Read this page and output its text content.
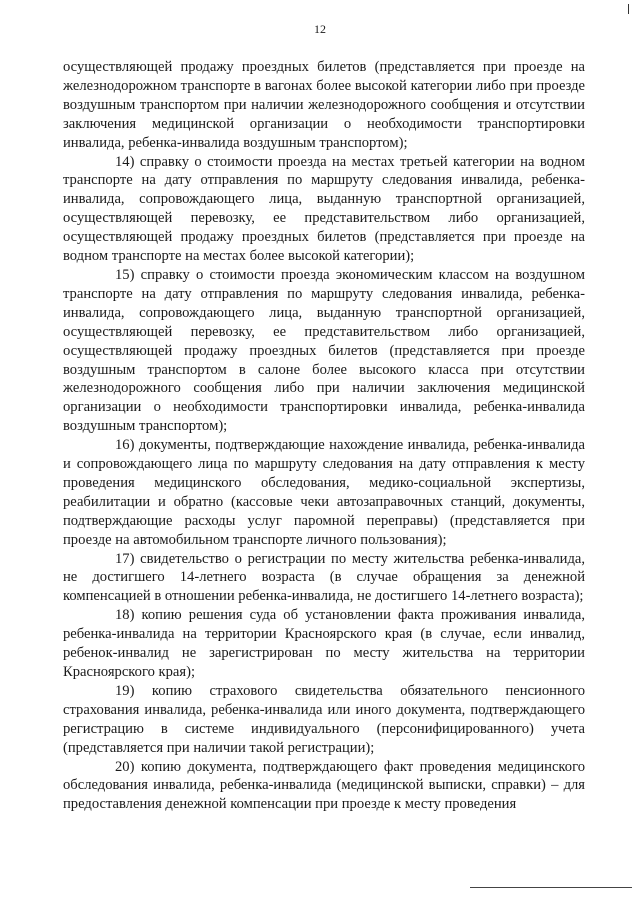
12

осуществляющей продажу проездных билетов (представляется при проезде на железнодорожном транспорте в вагонах более высокой категории либо при проезде воздушным транспортом при наличии железнодорожного сообщения и отсутствии заключения медицинской организации о необходимости транспортировки инвалида, ребенка-инвалида воздушным транспортом);

14) справку о стоимости проезда на местах третьей категории на водном транспорте на дату отправления по маршруту следования инвалида, ребенка-инвалида, сопровождающего лица, выданную транспортной организацией, осуществляющей перевозку, ее представительством либо организацией, осуществляющей продажу проездных билетов (представляется при проезде на водном транспорте на местах более высокой категории);

15) справку о стоимости проезда экономическим классом на воздушном транспорте на дату отправления по маршруту следования инвалида, ребенка-инвалида, сопровождающего лица, выданную транспортной организацией, осуществляющей перевозку, ее представительством либо организацией, осуществляющей продажу проездных билетов (представляется при проезде воздушным транспортом в салоне более высокого класса при отсутствии железнодорожного сообщения либо при наличии заключения медицинской организации о необходимости транспортировки инвалида, ребенка-инвалида воздушным транспортом);

16) документы, подтверждающие нахождение инвалида, ребенка-инвалида и сопровождающего лица по маршруту следования на дату отправления к месту проведения медицинского обследования, медико-социальной экспертизы, реабилитации и обратно (кассовые чеки автозаправочных станций, документы, подтверждающие расходы услуг паромной переправы) (представляется при проезде на автомобильном транспорте личного пользования);

17) свидетельство о регистрации по месту жительства ребенка-инвалида, не достигшего 14-летнего возраста (в случае обращения за денежной компенсацией в отношении ребенка-инвалида, не достигшего 14-летнего возраста);

18) копию решения суда об установлении факта проживания инвалида, ребенка-инвалида на территории Красноярского края (в случае, если инвалид, ребенок-инвалид не зарегистрирован по месту жительства на территории Красноярского края);

19) копию страхового свидетельства обязательного пенсионного страхования инвалида, ребенка-инвалида или иного документа, подтверждающего регистрацию в системе индивидуального (персонифицированного) учета (представляется при наличии такой регистрации);

20) копию документа, подтверждающего факт проведения медицинского обследования инвалида, ребенка-инвалида (медицинской выписки, справки) – для предоставления денежной компенсации при проезде к месту проведения
